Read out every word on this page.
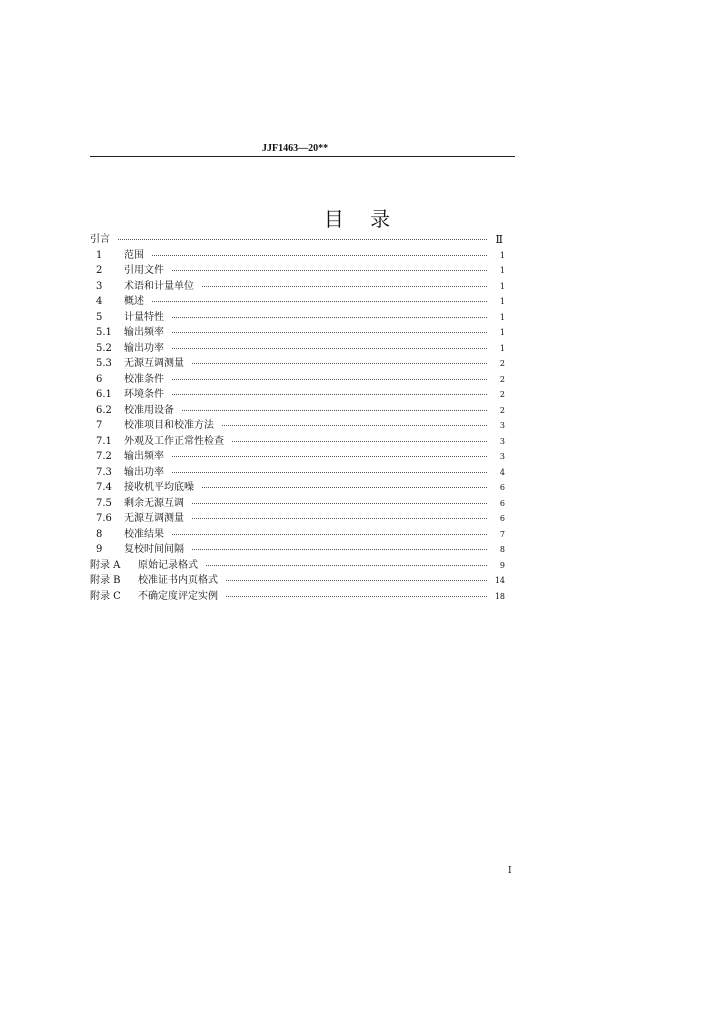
JJF1463—20**
目 录
引言	Ⅱ
1 范围	1
2 引用文件	1
3 术语和计量单位	1
4 概述	1
5 计量特性	1
5.1 输出频率	1
5.2 输出功率	1
5.3 无源互调测量	2
6 校准条件	2
6.1 环境条件	2
6.2 校准用设备	2
7 校准项目和校准方法	3
7.1 外观及工作正常性检查	3
7.2 输出频率	3
7.3 输出功率	4
7.4 接收机平均底噪	6
7.5 剩余无源互调	6
7.6 无源互调测量	6
8 校准结果	7
9 复校时间间隔	8
附录 A 原始记录格式	9
附录 B 校准证书内页格式	14
附录 C 不确定度评定实例	18
I
